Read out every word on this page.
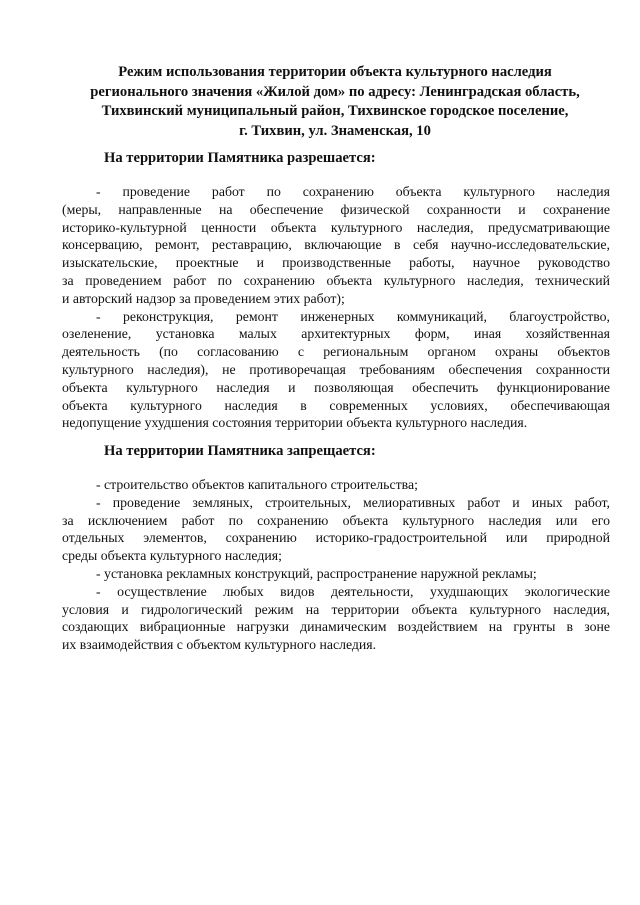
Режим использования территории объекта культурного наследия
регионального значения «Жилой дом» по адресу: Ленинградская область,
Тихвинский муниципальный район, Тихвинское городское поселение,
г. Тихвин, ул. Знаменская, 10
На территории Памятника разрешается:

- проведение работ по сохранению объекта культурного наследия
(меры, направленные на обеспечение физической сохранности и сохранение
историко-культурной ценности объекта культурного наследия, предусматривающие
консервацию, ремонт, реставрацию, включающие в себя научно-исследовательские,
изыскательские, проектные и производственные работы, научное руководство
за проведением работ по сохранению объекта культурного наследия, технический
и авторский надзор за проведением этих работ);

- реконструкция, ремонт инженерных коммуникаций, благоустройство,
озеленение, установка малых архитектурных форм, иная хозяйственная
деятельность (по согласованию с региональным органом охраны объектов
культурного наследия), не противоречащая требованиям обеспечения сохранности
объекта культурного наследия и позволяющая обеспечить функционирование
объекта культурного наследия в современных условиях, обеспечивающая
недопущение ухудшения состояния территории объекта культурного наследия.

На территории Памятника запрещается:

- строительство объектов капитального строительства;

- проведение земляных, строительных, мелиоративных работ и иных работ,
за исключением работ по сохранению объекта культурного наследия или его
отдельных элементов, сохранению историко-градостроительной или природной
среды объекта культурного наследия;

- установка рекламных конструкций, распространение наружной рекламы;

- осуществление любых видов деятельности, ухудшающих экологические
условия и гидрологический режим на территории объекта культурного наследия,
создающих вибрационные нагрузки динамическим воздействием на грунты в зоне
их взаимодействия с объектом культурного наследия.
